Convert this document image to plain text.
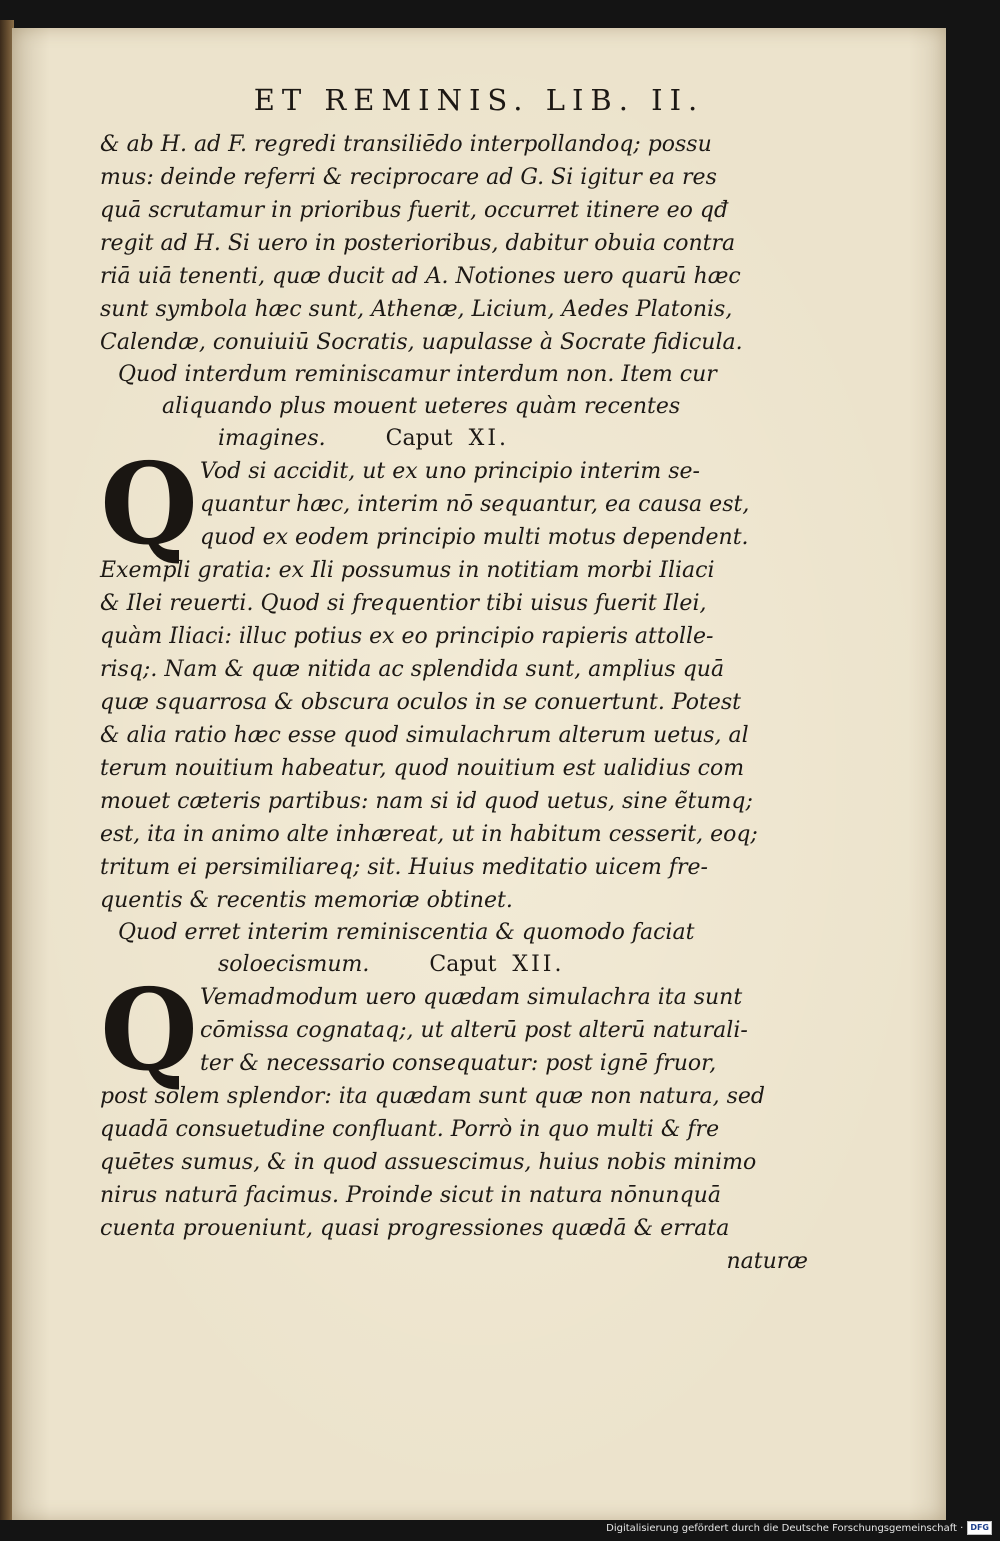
ET REMINIS. LIB. II.
& ab H. ad F. regredi transiliēdo interpollandoq; possu
mus: deinde referri & reciprocare ad G. Si igitur ea res
quā scrutamur in prioribus fuerit, occurret itinere eo qđ
regit ad H. Si uero in posterioribus, dabitur obuia contra
riā uiā tenenti, quæ ducit ad A. Notiones uero quarū hæc
sunt symbola hæc sunt, Athenæ, Licium, Aedes Platonis,
Calendæ, conuiuiū Socratis, uapulasse à Socrate fidicula.
Quod interdum reminiscamur interdum non. Item cur
aliquando plus mouent ueteres quàm recentes
imagines.	Caput XI.
Q Vod si accidit, ut ex uno principio interim se-
quantur hæc, interim nō sequantur, ea causa est,
quod ex eodem principio multi motus dependent.
Exempli gratia: ex Ili possumus in notitiam morbi Iliaci
& Ilei reuerti. Quod si frequentior tibi uisus fuerit Ilei,
quàm Iliaci: illuc potius ex eo principio rapieris attolle-
risq;. Nam & quæ nitida ac splendida sunt, amplius quā
quæ squarrosa & obscura oculos in se conuertunt. Potest
& alia ratio hæc esse quod simulachrum alterum uetus, al
terum nouitium habeatur, quod nouitium est ualidius com
mouet cæteris partibus: nam si id quod uetus, sine ẽtumq;
est, ita in animo alte inhæreat, ut in habitum cesserit, eoq;
tritum ei persimiliareq; sit. Huius meditatio uicem fre-
quentis & recentis memoriæ obtinet.
Quod erret interim reminiscentia & quomodo faciat
soloecismum.	Caput XII.
Q Vemadmodum uero quædam simulachra ita sunt
cōmissa cognataq;, ut alterū post alterū naturali-
ter & necessario consequatur: post ignē fruor,
post solem splendor: ita quædam sunt quæ non natura, sed
quadā consuetudine confluant. Porrò in quo multi & fre
quētes sumus, & in quod assuescimus, huius nobis minimo
nirus naturā facimus. Proinde sicut in natura nōnunquā
cuenta proueniunt, quasi progressiones quædā & errata
naturæ
Digitalisierung gefördert durch die Deutsche Forschungsgemeinschaft · DFG
